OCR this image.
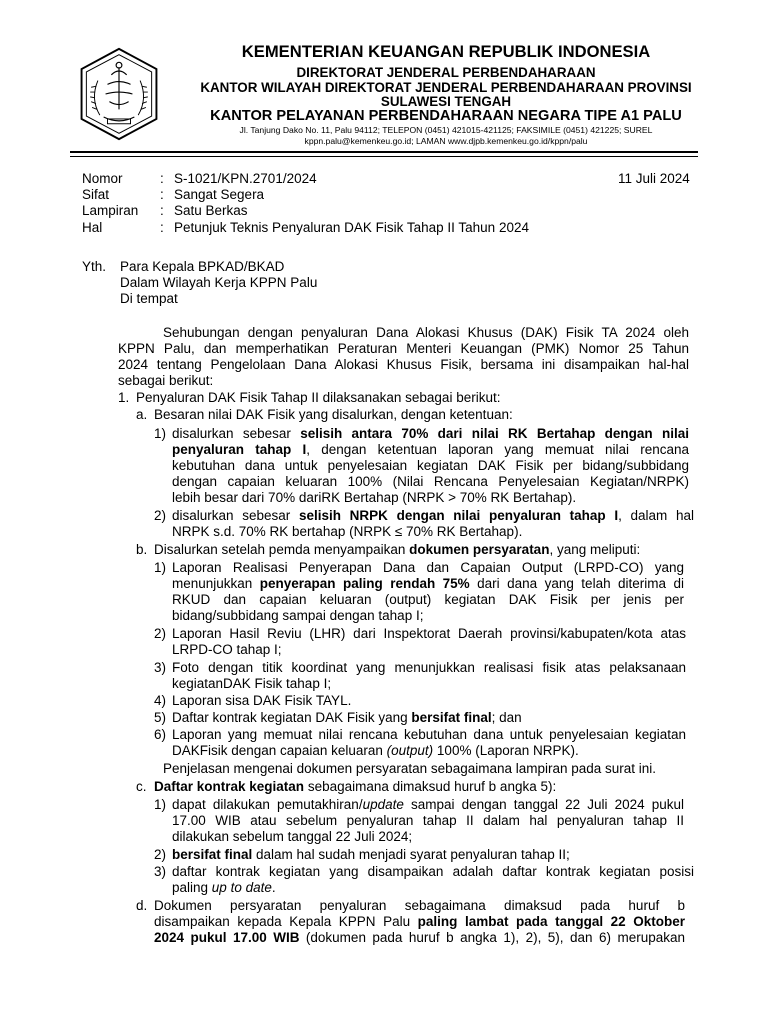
KEMENTERIAN KEUANGAN REPUBLIK INDONESIA
DIREKTORAT JENDERAL PERBENDAHARAAN
KANTOR WILAYAH DIREKTORAT JENDERAL PERBENDAHARAAN PROVINSI
SULAWESI TENGAH
KANTOR PELAYANAN PERBENDAHARAAN NEGARA TIPE A1 PALU
Jl. Tanjung Dako No. 11, Palu 94112; TELEPON (0451) 421015-421125; FAKSIMILE (0451) 421225; SUREL
kppn.palu@kemenkeu.go.id; LAMAN www.djpb.kemenkeu.go.id/kppn/palu
Nomor	: S-1021/KPN.2701/2024	11 Juli 2024
Sifat	: Sangat Segera
Lampiran : Satu Berkas
Hal	: Petunjuk Teknis Penyaluran DAK Fisik Tahap II Tahun 2024
Yth. Para Kepala BPKAD/BKAD
Dalam Wilayah Kerja KPPN Palu
Di tempat
Sehubungan dengan penyaluran Dana Alokasi Khusus (DAK) Fisik TA 2024 oleh
KPPN Palu, dan memperhatikan Peraturan Menteri Keuangan (PMK) Nomor 25 Tahun
2024 tentang Pengelolaan Dana Alokasi Khusus Fisik, bersama ini disampaikan hal-hal
sebagai berikut:
1. Penyaluran DAK Fisik Tahap II dilaksanakan sebagai berikut:
a. Besaran nilai DAK Fisik yang disalurkan, dengan ketentuan:
1) disalurkan sebesar selisih antara 70% dari nilai RK Bertahap dengan nilai
penyaluran tahap I, dengan ketentuan laporan yang memuat nilai rencana
kebutuhan dana untuk penyelesaian kegiatan DAK Fisik per bidang/subbidang
dengan capaian keluaran 100% (Nilai Rencana Penyelesaian Kegiatan/NRPK)
lebih besar dari 70% dariRK Bertahap (NRPK > 70% RK Bertahap).
2) disalurkan sebesar selisih NRPK dengan nilai penyaluran tahap I, dalam hal
NRPK s.d. 70% RK bertahap (NRPK ≤ 70% RK Bertahap).
b. Disalurkan setelah pemda menyampaikan dokumen persyaratan, yang meliputi:
1) Laporan Realisasi Penyerapan Dana dan Capaian Output (LRPD-CO) yang
menunjukkan penyerapan paling rendah 75% dari dana yang telah diterima di
RKUD dan capaian keluaran (output) kegiatan DAK Fisik per jenis per
bidang/subbidang sampai dengan tahap I;
2) Laporan Hasil Reviu (LHR) dari Inspektorat Daerah provinsi/kabupaten/kota atas
LRPD-CO tahap I;
3) Foto dengan titik koordinat yang menunjukkan realisasi fisik atas pelaksanaan
kegiatanDAK Fisik tahap I;
4) Laporan sisa DAK Fisik TAYL.
5) Daftar kontrak kegiatan DAK Fisik yang bersifat final; dan
6) Laporan yang memuat nilai rencana kebutuhan dana untuk penyelesaian kegiatan
DAKFisik dengan capaian keluaran (output) 100% (Laporan NRPK).
Penjelasan mengenai dokumen persyaratan sebagaimana lampiran pada surat ini.
c. Daftar kontrak kegiatan sebagaimana dimaksud huruf b angka 5):
1) dapat dilakukan pemutakhiran/update sampai dengan tanggal 22 Juli 2024 pukul
17.00 WIB atau sebelum penyaluran tahap II dalam hal penyaluran tahap II
dilakukan sebelum tanggal 22 Juli 2024;
2) bersifat final dalam hal sudah menjadi syarat penyaluran tahap II;
3) daftar kontrak kegiatan yang disampaikan adalah daftar kontrak kegiatan posisi
paling up to date.
d. Dokumen persyaratan penyaluran sebagaimana dimaksud pada huruf b
disampaikan kepada Kepala KPPN Palu paling lambat pada tanggal 22 Oktober
2024 pukul 17.00 WIB (dokumen pada huruf b angka 1), 2), 5), dan 6) merupakan
